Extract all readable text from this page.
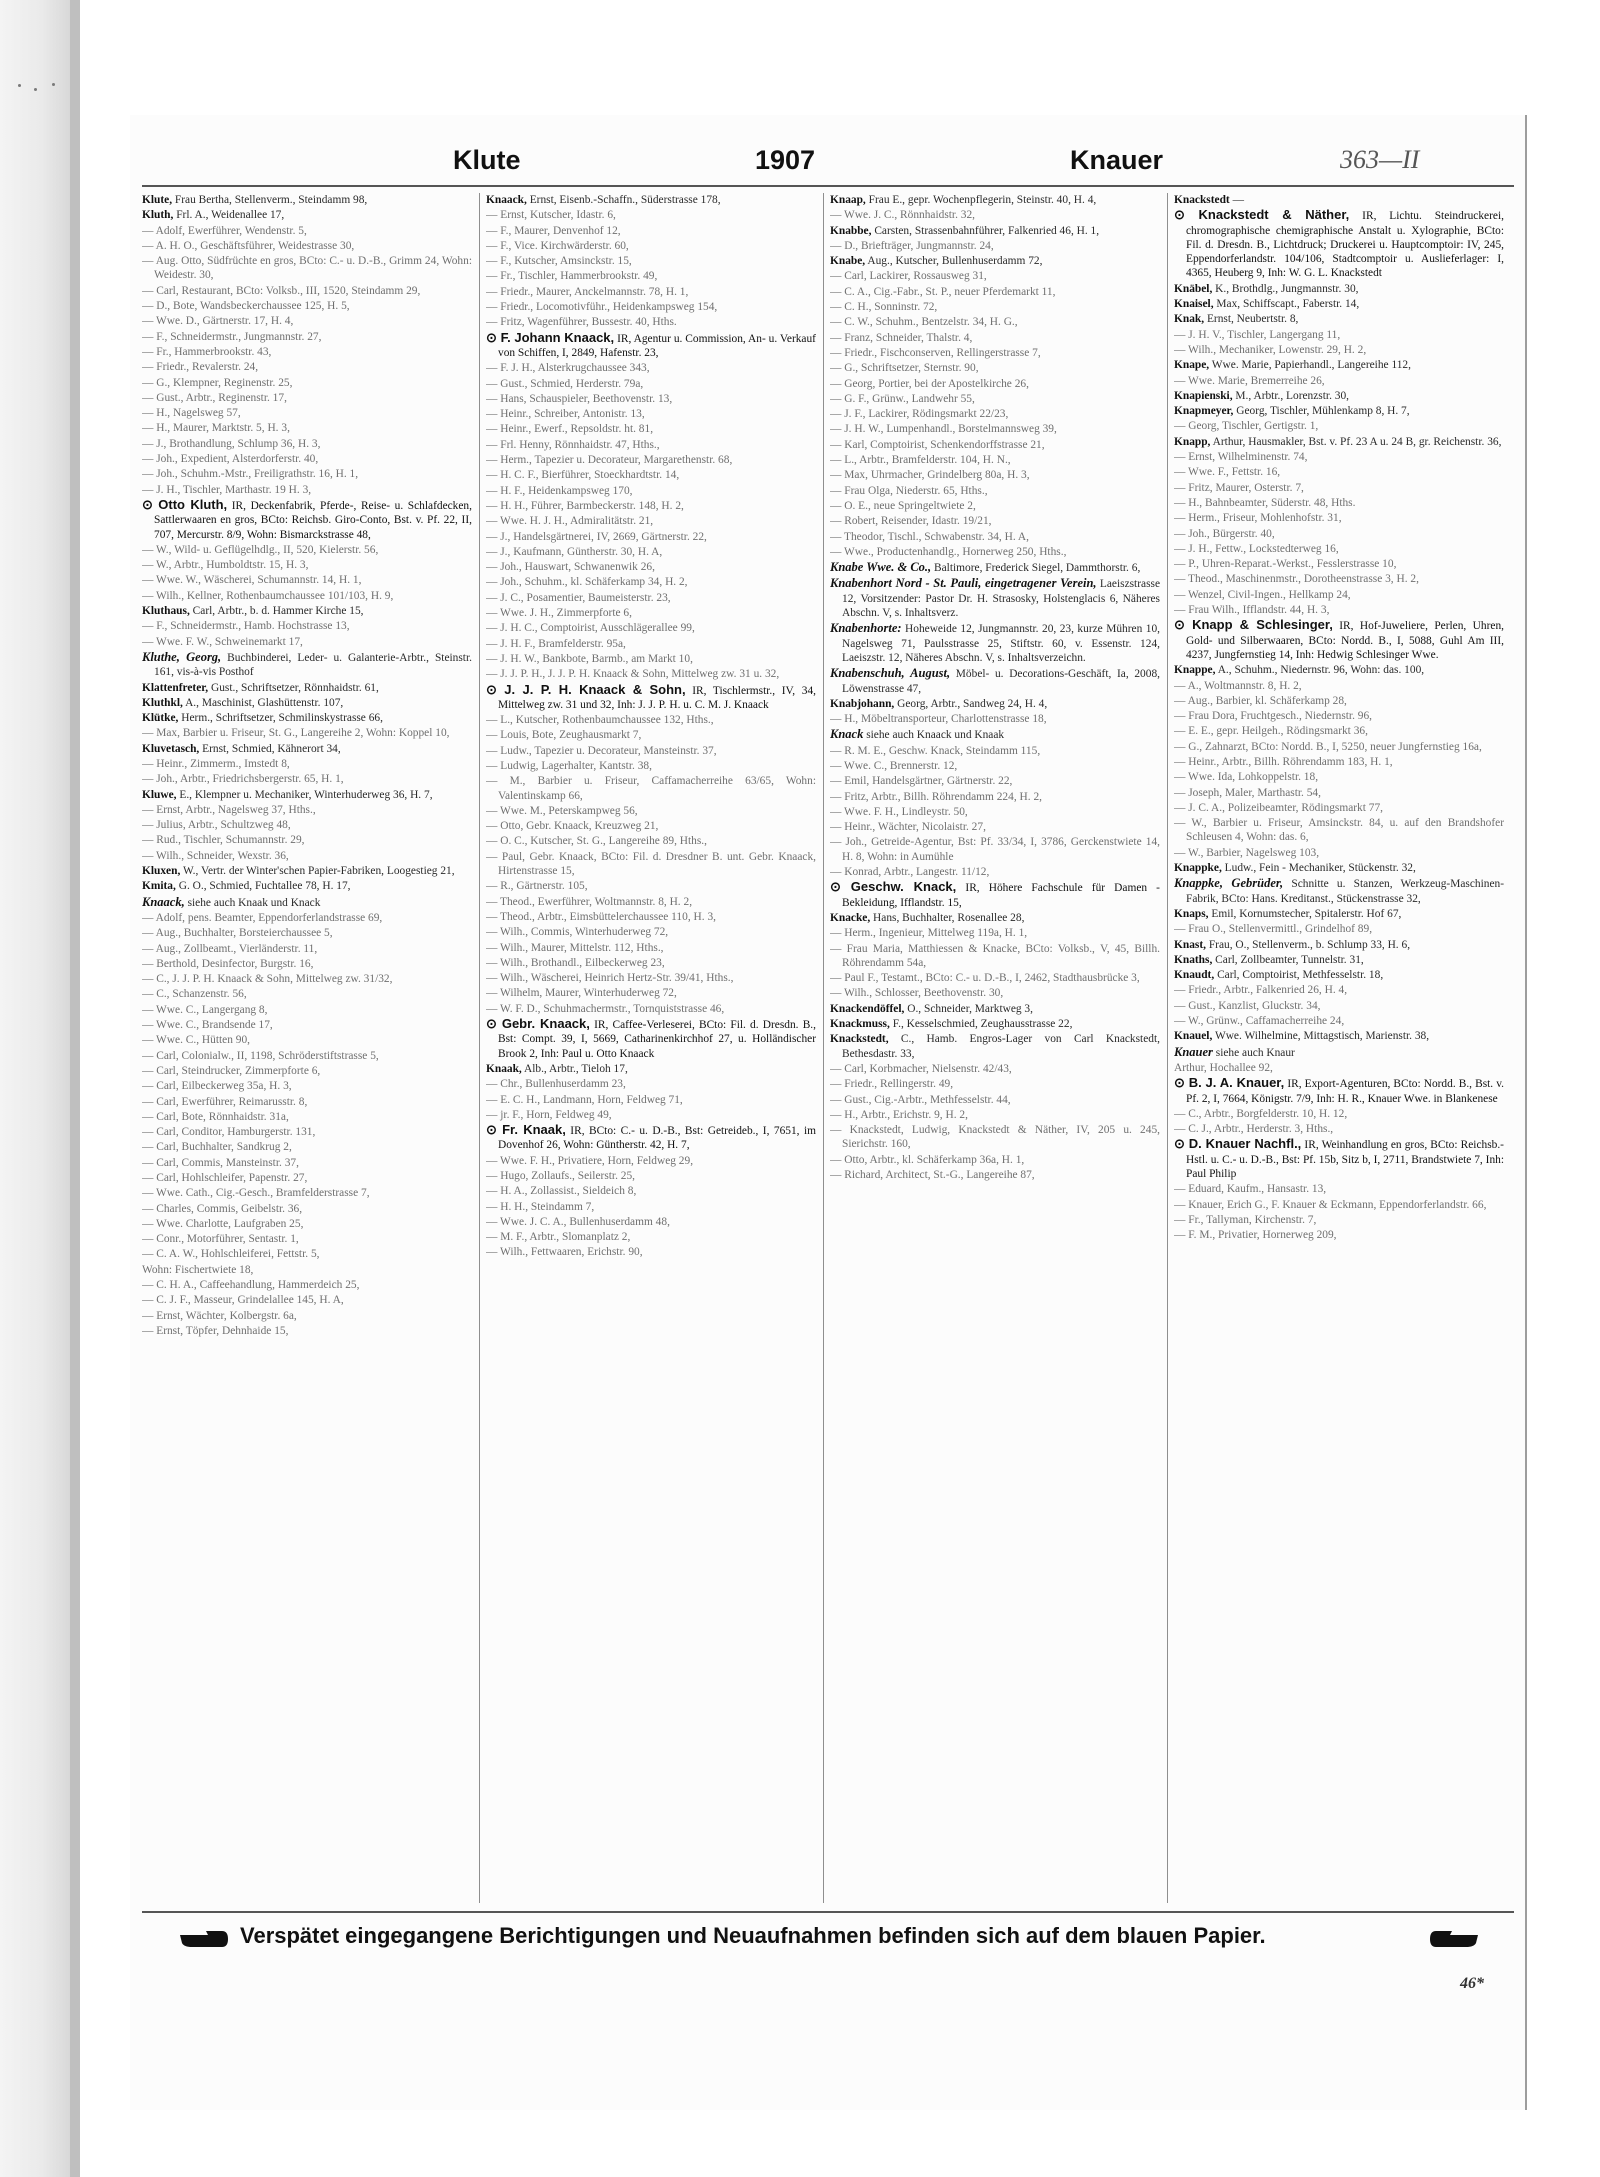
Klute	1907	Knauer	363—II

Klute, Frau Bertha, Stellenverm., Steindamm 98,

Kluth, Frl. A., Weidenallee 17,

— Adolf, Ewerführer, Wendenstr. 5,

— A. H. O., Geschäftsführer, Weidestrasse 30,

— Aug. Otto, Südfrüchte en gros, BCto: C.- u. D.-B., Grimm 24, Wohn: Weidestr. 30,

— Carl, Restaurant, BCto: Volksb., III, 1520, Steindamm 29,

— D., Bote, Wandsbeckerchaussee 125, H. 5,

— Wwe. D., Gärtnerstr. 17, H. 4,

— F., Schneidermstr., Jungmannstr. 27,

— Fr., Hammerbrookstr. 43,

— Friedr., Revalerstr. 24,

— G., Klempner, Reginenstr. 25,

— Gust., Arbtr., Reginenstr. 17,

— H., Nagelsweg 57,

— H., Maurer, Marktstr. 5, H. 3,

— J., Brothandlung, Schlump 36, H. 3,

— Joh., Expedient, Alsterdorferstr. 40,

— Joh., Schuhm.-Mstr., Freiligrathstr. 16, H. 1,

— J. H., Tischler, Marthastr. 19 H. 3,

⊙ Otto Kluth, IR, Deckenfabrik, Pferde-, Reise- u. Schlafdecken, Sattlerwaaren en gros, BCto: Reichsb. Giro-Conto, Bst. v. Pf. 22, II, 707, Mercurstr. 8/9, Wohn: Bismarckstrasse 48,

— W., Wild- u. Geflügelhdlg., II, 520, Kielerstr. 56,

— W., Arbtr., Humboldtstr. 15, H. 3,

— Wwe. W., Wäscherei, Schumannstr. 14, H. 1,

— Wilh., Kellner, Rothenbaumchaussee 101/103, H. 9,

Kluthaus, Carl, Arbtr., b. d. Hammer Kirche 15,

— F., Schneidermstr., Hamb. Hochstrasse 13,

— Wwe. F. W., Schweinemarkt 17,

Kluthe, Georg, Buchbinderei, Leder- u. Galanterie-Arbtr., Steinstr. 161, vis-à-vis Posthof

Klattenfreter, Gust., Schriftsetzer, Rönnhaidstr. 61,

Kluthkl, A., Maschinist, Glashüttenstr. 107,

Klütke, Herm., Schriftsetzer, Schmilinskystrasse 66,

— Max, Barbier u. Friseur, St. G., Langereihe 2, Wohn: Koppel 10,

Kluvetasch, Ernst, Schmied, Kähnerort 34,

— Heinr., Zimmerm., Imstedt 8,

— Joh., Arbtr., Friedrichsbergerstr. 65, H. 1,

Kluwe, E., Klempner u. Mechaniker, Winterhuderweg 36, H. 7,

— Ernst, Arbtr., Nagelsweg 37, Hths.,

— Julius, Arbtr., Schultzweg 48,

— Rud., Tischler, Schumannstr. 29,

— Wilh., Schneider, Wexstr. 36,

Kluxen, W., Vertr. der Winter'schen Papier-Fabriken, Loogestieg 21,

Kmita, G. O., Schmied, Fuchtallee 78, H. 17,

Knaack, siehe auch Knaak und Knack

— Adolf, pens. Beamter, Eppendorferlandstrasse 69,

— Aug., Buchhalter, Borsteierchaussee 5,

— Aug., Zollbeamt., Vierländerstr. 11,

— Berthold, Desinfector, Burgstr. 16,

— C., J. J. P. H. Knaack & Sohn, Mittelweg zw. 31/32,

— C., Schanzenstr. 56,

— Wwe. C., Langergang 8,

— Wwe. C., Brandsende 17,

— Wwe. C., Hütten 90,

— Carl, Colonialw., II, 1198, Schröderstiftstrasse 5,

— Carl, Steindrucker, Zimmerpforte 6,

— Carl, Eilbeckerweg 35a, H. 3,

— Carl, Ewerführer, Reimarusstr. 8,

— Carl, Bote, Rönnhaidstr. 31a,

— Carl, Conditor, Hamburgerstr. 131,

— Carl, Buchhalter, Sandkrug 2,

— Carl, Commis, Mansteinstr. 37,

— Carl, Hohlschleifer, Papenstr. 27,

— Wwe. Cath., Cig.-Gesch., Bramfelderstrasse 7,

— Charles, Commis, Geibelstr. 36,

— Wwe. Charlotte, Laufgraben 25,

— Conr., Motorführer, Sentastr. 1,

— C. A. W., Hohlschleiferei, Fettstr. 5,

Wohn: Fischertwiete 18,

— C. H. A., Caffeehandlung, Hammerdeich 25,

— C. J. F., Masseur, Grindelallee 145, H. A,

— Ernst, Wächter, Kolbergstr. 6a,

— Ernst, Töpfer, Dehnhaide 15,

Knaack, Ernst, Eisenb.-Schaffn., Süderstrasse 178,

— Ernst, Kutscher, Idastr. 6,

— F., Maurer, Denvenhof 12,

— F., Vice. Kirchwärderstr. 60,

— F., Kutscher, Amsinckstr. 15,

— Fr., Tischler, Hammerbrookstr. 49,

— Friedr., Maurer, Anckelmannstr. 78, H. 1,

— Friedr., Locomotivführ., Heidenkampsweg 154,

— Fritz, Wagenführer, Bussestr. 40, Hths.

⊙ F. Johann Knaack, IR, Agentur u. Commission, An- u. Verkauf von Schiffen, I, 2849, Hafenstr. 23,

— F. J. H., Alsterkrugchaussee 343,

— Gust., Schmied, Herderstr. 79a,

— Hans, Schauspieler, Beethovenstr. 13,

— Heinr., Schreiber, Antonistr. 13,

— Heinr., Ewerf., Repsoldstr. ht. 81,

— Frl. Henny, Rönnhaidstr. 47, Hths.,

— Herm., Tapezier u. Decorateur, Margarethenstr. 68,

— H. C. F., Bierführer, Stoeckhardtstr. 14,

— H. F., Heidenkampsweg 170,

— H. H., Führer, Barmbeckerstr. 148, H. 2,

— Wwe. H. J. H., Admiralitätstr. 21,

— J., Handelsgärtnerei, IV, 2669, Gärtnerstr. 22,

— J., Kaufmann, Güntherstr. 30, H. A,

— Joh., Hauswart, Schwanenwik 26,

— Joh., Schuhm., kl. Schäferkamp 34, H. 2,

— J. C., Posamentier, Baumeisterstr. 23,

— Wwe. J. H., Zimmerpforte 6,

— J. H. C., Comptoirist, Ausschlägerallee 99,

— J. H. F., Bramfelderstr. 95a,

— J. H. W., Bankbote, Barmb., am Markt 10,

— J. J. P. H., J. J. P. H. Knaack & Sohn, Mittelweg zw. 31 u. 32,

⊙ J. J. P. H. Knaack & Sohn, IR, Tischlermstr., IV, 34, Mittelweg zw. 31 und 32, Inh: J. J. P. H. u. C. M. J. Knaack

— L., Kutscher, Rothenbaumchaussee 132, Hths.,

— Louis, Bote, Zeughausmarkt 7,

— Ludw., Tapezier u. Decorateur, Mansteinstr. 37,

— Ludwig, Lagerhalter, Kantstr. 38,

— M., Barbier u. Friseur, Caffamacherreihe 63/65, Wohn: Valentinskamp 66,

— Wwe. M., Peterskampweg 56,

— Otto, Gebr. Knaack, Kreuzweg 21,

— O. C., Kutscher, St. G., Langereihe 89, Hths.,

— Paul, Gebr. Knaack, BCto: Fil. d. Dresdner B. unt. Gebr. Knaack, Hirtenstrasse 15,

— R., Gärtnerstr. 105,

— Theod., Ewerführer, Woltmannstr. 8, H. 2,

— Theod., Arbtr., Eimsbüttelerchaussee 110, H. 3,

— Wilh., Commis, Winterhuderweg 72,

— Wilh., Maurer, Mittelstr. 112, Hths.,

— Wilh., Brothandl., Eilbeckerweg 23,

— Wilh., Wäscherei, Heinrich Hertz-Str. 39/41, Hths.,

— Wilhelm, Maurer, Winterhuderweg 72,

— W. F. D., Schuhmachermstr., Tornquiststrasse 46,

⊙ Gebr. Knaack, IR, Caffee-Verleserei, BCto: Fil. d. Dresdn. B., Bst: Compt. 39, I, 5669, Catharinenkirchhof 27, u. Holländischer Brook 2, Inh: Paul u. Otto Knaack

Knaak, Alb., Arbtr., Tieloh 17,

— Chr., Bullenhuserdamm 23,

— E. C. H., Landmann, Horn, Feldweg 71,

— jr. F., Horn, Feldweg 49,

⊙ Fr. Knaak, IR, BCto: C.- u. D.-B., Bst: Getreideb., I, 7651, im Dovenhof 26, Wohn: Güntherstr. 42, H. 7,

— Wwe. F. H., Privatiere, Horn, Feldweg 29,

— Hugo, Zollaufs., Seilerstr. 25,

— H. A., Zollassist., Sieldeich 8,

— H. H., Steindamm 7,

— Wwe. J. C. A., Bullenhuserdamm 48,

— M. F., Arbtr., Slomanplatz 2,

— Wilh., Fettwaaren, Erichstr. 90,

Knaap, Frau E., gepr. Wochenpflegerin, Steinstr. 40, H. 4,

— Wwe. J. C., Rönnhaidstr. 32,

Knabbe, Carsten, Strassenbahnführer, Falkenried 46, H. 1,

— D., Briefträger, Jungmannstr. 24,

Knabe, Aug., Kutscher, Bullenhuserdamm 72,

— Carl, Lackirer, Rossausweg 31,

— C. A., Cig.-Fabr., St. P., neuer Pferdemarkt 11,

— C. H., Sonninstr. 72,

— C. W., Schuhm., Bentzelstr. 34, H. G.,

— Franz, Schneider, Thalstr. 4,

— Friedr., Fischconserven, Rellingerstrasse 7,

— G., Schriftsetzer, Sternstr. 90,

— Georg, Portier, bei der Apostelkirche 26,

— G. F., Grünw., Landwehr 55,

— J. F., Lackirer, Rödingsmarkt 22/23,

— J. H. W., Lumpenhandl., Borstelmannsweg 39,

— Karl, Comptoirist, Schenkendorffstrasse 21,

— L., Arbtr., Bramfelderstr. 104, H. N.,

— Max, Uhrmacher, Grindelberg 80a, H. 3,

— Frau Olga, Niederstr. 65, Hths.,

— O. E., neue Springeltwiete 2,

— Robert, Reisender, Idastr. 19/21,

— Theodor, Tischl., Schwabenstr. 34, H. A,

— Wwe., Productenhandlg., Hornerweg 250, Hths.,

Knabe Wwe. & Co., Baltimore, Frederick Siegel, Dammthorstr. 6,

Knabenhort Nord - St. Pauli, eingetragener Verein, Laeiszstrasse 12, Vorsitzender: Pastor Dr. H. Strasosky, Holstenglacis 6, Näheres Abschn. V, s. Inhaltsverz.

Knabenhorte: Hoheweide 12, Jungmannstr. 20, 23, kurze Mühren 10, Nagelsweg 71, Paulsstrasse 25, Stiftstr. 60, v. Essenstr. 124, Laeiszstr. 12, Näheres Abschn. V, s. Inhaltsverzeichn.

Knabenschuh, August, Möbel- u. Decorations-Geschäft, Ia, 2008, Löwenstrasse 47,

Knabjohann, Georg, Arbtr., Sandweg 24, H. 4,

— H., Möbeltransporteur, Charlottenstrasse 18,

Knack siehe auch Knaack und Knaak

— R. M. E., Geschw. Knack, Steindamm 115,

— Wwe. C., Brennerstr. 12,

— Emil, Handelsgärtner, Gärtnerstr. 22,

— Fritz, Arbtr., Billh. Röhrendamm 224, H. 2,

— Wwe. F. H., Lindleystr. 50,

— Heinr., Wächter, Nicolaistr. 27,

— Joh., Getreide-Agentur, Bst: Pf. 33/34, I, 3786, Gerckenstwiete 14, H. 8, Wohn: in Aumühle

— Konrad, Arbtr., Langestr. 11/12,

⊙ Geschw. Knack, IR, Höhere Fachschule für Damen - Bekleidung, Ifflandstr. 15,

Knacke, Hans, Buchhalter, Rosenallee 28,

— Herm., Ingenieur, Mittelweg 119a, H. 1,

— Frau Maria, Matthiessen & Knacke, BCto: Volksb., V, 45, Billh. Röhrendamm 54a,

— Paul F., Testamt., BCto: C.- u. D.-B., I, 2462, Stadthausbrücke 3,

— Wilh., Schlosser, Beethovenstr. 30,

Knackendöffel, O., Schneider, Marktweg 3,

Knackmuss, F., Kesselschmied, Zeughausstrasse 22,

Knackstedt, C., Hamb. Engros-Lager von Carl Knackstedt, Bethesdastr. 33,

— Carl, Korbmacher, Nielsenstr. 42/43,

— Friedr., Rellingerstr. 49,

— Gust., Cig.-Arbtr., Methfesselstr. 44,

— H., Arbtr., Erichstr. 9, H. 2,

— Knackstedt, Ludwig, Knackstedt & Näther, IV, 205 u. 245, Sierichstr. 160,

— Otto, Arbtr., kl. Schäferkamp 36a, H. 1,

— Richard, Architect, St.-G., Langereihe 87,

Knackstedt —

⊙ Knackstedt & Näther, IR, Lichtu. Steindruckerei, chromographische chemigraphische Anstalt u. Xylographie, BCto: Fil. d. Dresdn. B., Lichtdruck; Druckerei u. Hauptcomptoir: IV, 245, Eppendorferlandstr. 104/106, Stadtcomptoir u. Auslieferlager: I, 4365, Heuberg 9, Inh: W. G. L. Knackstedt

Knäbel, K., Brothdlg., Jungmannstr. 30,

Knaisel, Max, Schiffscapt., Faberstr. 14,

Knak, Ernst, Neubertstr. 8,

— J. H. V., Tischler, Langergang 11,

— Wilh., Mechaniker, Lowenstr. 29, H. 2,

Knape, Wwe. Marie, Papierhandl., Langereihe 112,

— Wwe. Marie, Bremerreihe 26,

Knapienski, M., Arbtr., Lorenzstr. 30,

Knapmeyer, Georg, Tischler, Mühlenkamp 8, H. 7,

— Georg, Tischler, Gertigstr. 1,

Knapp, Arthur, Hausmakler, Bst. v. Pf. 23 A u. 24 B, gr. Reichenstr. 36,

— Ernst, Wilhelminenstr. 74,

— Wwe. F., Fettstr. 16,

— Fritz, Maurer, Osterstr. 7,

— H., Bahnbeamter, Süderstr. 48, Hths.

— Herm., Friseur, Mohlenhofstr. 31,

— Joh., Bürgerstr. 40,

— J. H., Fettw., Lockstedterweg 16,

— P., Uhren-Reparat.-Werkst., Fesslerstrasse 10,

— Theod., Maschinenmstr., Dorotheenstrasse 3, H. 2,

— Wenzel, Civil-Ingen., Hellkamp 24,

— Frau Wilh., Ifflandstr. 44, H. 3,

⊙ Knapp & Schlesinger, IR, Hof-Juweliere, Perlen, Uhren, Gold- und Silberwaaren, BCto: Nordd. B., I, 5088, Guhl Am III, 4237, Jungfernstieg 14, Inh: Hedwig Schlesinger Wwe.

Knappe, A., Schuhm., Niedernstr. 96, Wohn: das. 100,

— A., Woltmannstr. 8, H. 2,

— Aug., Barbier, kl. Schäferkamp 28,

— Frau Dora, Fruchtgesch., Niedernstr. 96,

— E. E., gepr. Heilgeh., Rödingsmarkt 36,

— G., Zahnarzt, BCto: Nordd. B., I, 5250, neuer Jungfernstieg 16a,

— Heinr., Arbtr., Billh. Röhrendamm 183, H. 1,

— Wwe. Ida, Lohkoppelstr. 18,

— Joseph, Maler, Marthastr. 54,

— J. C. A., Polizeibeamter, Rödingsmarkt 77,

— W., Barbier u. Friseur, Amsinckstr. 84, u. auf den Brandshofer Schleusen 4, Wohn: das. 6,

— W., Barbier, Nagelsweg 103,

Knappke, Ludw., Fein - Mechaniker, Stückenstr. 32,

Knappke, Gebrüder, Schnitte u. Stanzen, Werkzeug-Maschinen-Fabrik, BCto: Hans. Kreditanst., Stückenstrasse 32,

Knaps, Emil, Kornumstecher, Spitalerstr. Hof 67,

— Frau O., Stellenvermittl., Grindelhof 89,

Knast, Frau, O., Stellenverm., b. Schlump 33, H. 6,

Knaths, Carl, Zollbeamter, Tunnelstr. 31,

Knaudt, Carl, Comptoirist, Methfesselstr. 18,

— Friedr., Arbtr., Falkenried 26, H. 4,

— Gust., Kanzlist, Gluckstr. 34,

— W., Grünw., Caffamacherreihe 24,

Knauel, Wwe. Wilhelmine, Mittagstisch, Marienstr. 38,

Knauer siehe auch Knaur

Arthur, Hochallee 92,

⊙ B. J. A. Knauer, IR, Export-Agenturen, BCto: Nordd. B., Bst. v. Pf. 2, I, 7664, Königstr. 7/9, Inh: H. R., Knauer Wwe. in Blankenese

— C., Arbtr., Borgfelderstr. 10, H. 12,

— C. J., Arbtr., Herderstr. 3, Hths.,

⊙ D. Knauer Nachfl., IR, Weinhandlung en gros, BCto: Reichsb.-Hstl. u. C.- u. D.-B., Bst: Pf. 15b, Sitz b, I, 2711, Brandstwiete 7, Inh: Paul Philip

— Eduard, Kaufm., Hansastr. 13,

— Knauer, Erich G., F. Knauer & Eckmann, Eppendorferlandstr. 66,

— Fr., Tallyman, Kirchenstr. 7,

— F. M., Privatier, Hornerweg 209,

Verspätet eingegangene Berichtigungen und Neuaufnahmen befinden sich auf dem blauen Papier.
46*
